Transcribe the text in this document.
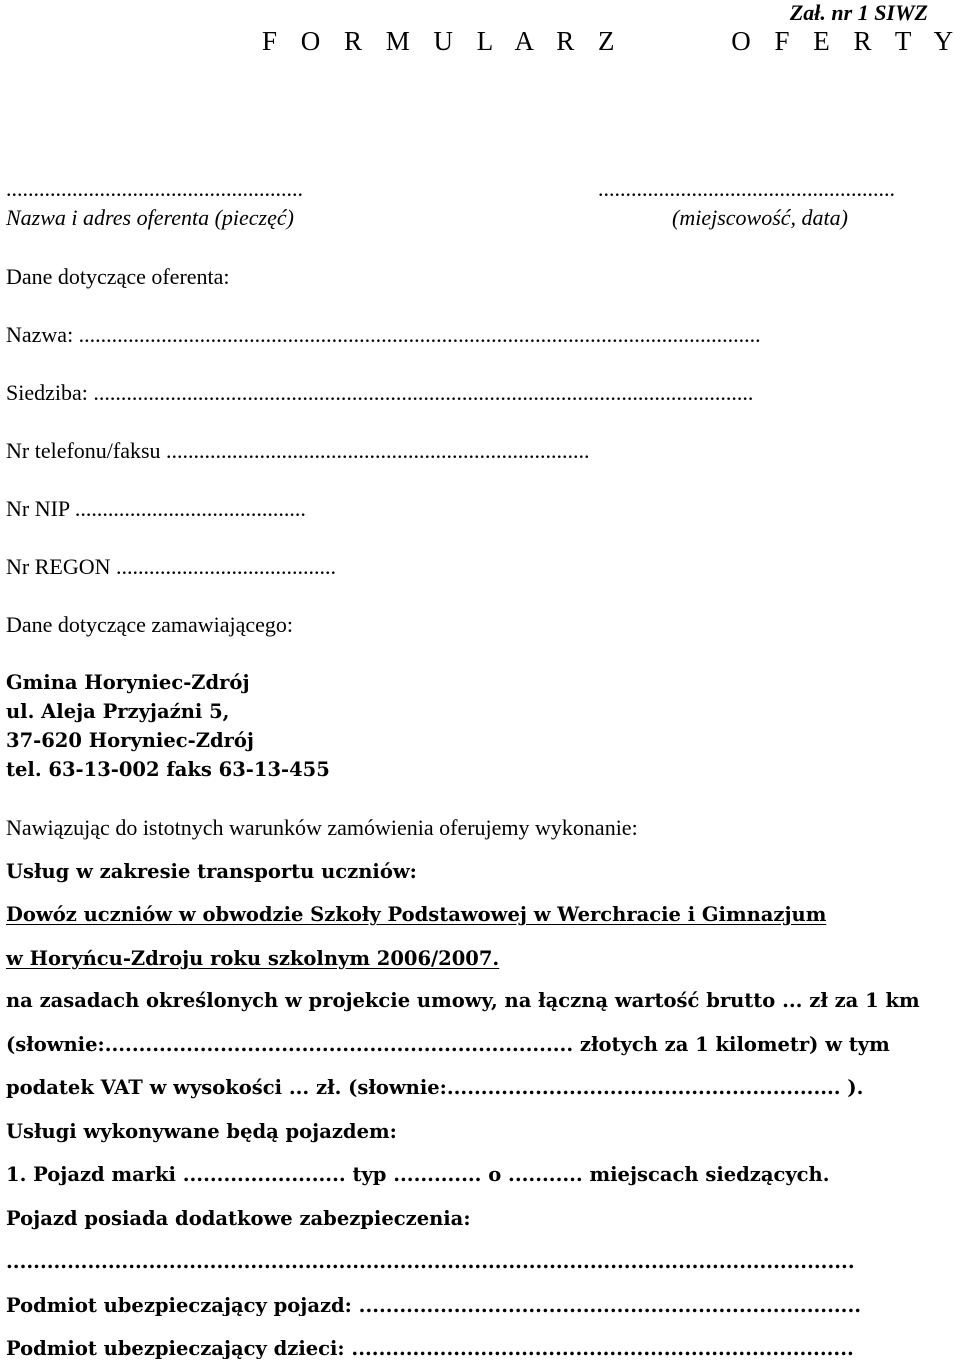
Zał. nr 1 SIWZ
F O R M U L A R Z     O F E R T Y
......................................................
Nazwa i adres oferenta (pieczęć)
......................................................
(miejscowość, data)
Dane dotyczące oferenta:
Nazwa: ............................................................................................................................
Siedziba: ........................................................................................................................
Nr telefonu/faksu .............................................................................
Nr NIP ..........................................
Nr REGON ........................................
Dane dotyczące zamawiającego:
Gmina Horyniec-Zdrój
ul. Aleja Przyjaźni 5,
37-620 Horyniec-Zdrój
tel. 63-13-002 faks 63-13-455
Nawiązując do istotnych warunków zamówienia oferujemy wykonanie:
Usług w zakresie transportu uczniów:
Dowóz uczniów w obwodzie Szkoły Podstawowej w Werchracie i Gimnazjum
w Horyńcu-Zdroju roku szkolnym 2006/2007.
na zasadach określonych w projekcie umowy, na łączną wartość brutto ... zł za 1 km
(słownie:..................................................................... złotych za 1 kilometr) w tym
podatek VAT w wysokości ... zł. (słownie:.......................................................... ).
Usługi wykonywane będą pojazdem:
1. Pojazd marki ........................ typ ............. o ........... miejscach siedzących.
Pojazd posiada dodatkowe zabezpieczenia:
.............................................................................................................................
Podmiot ubezpieczający pojazd: ..........................................................................
Podmiot ubezpieczający dzieci: ..........................................................................
